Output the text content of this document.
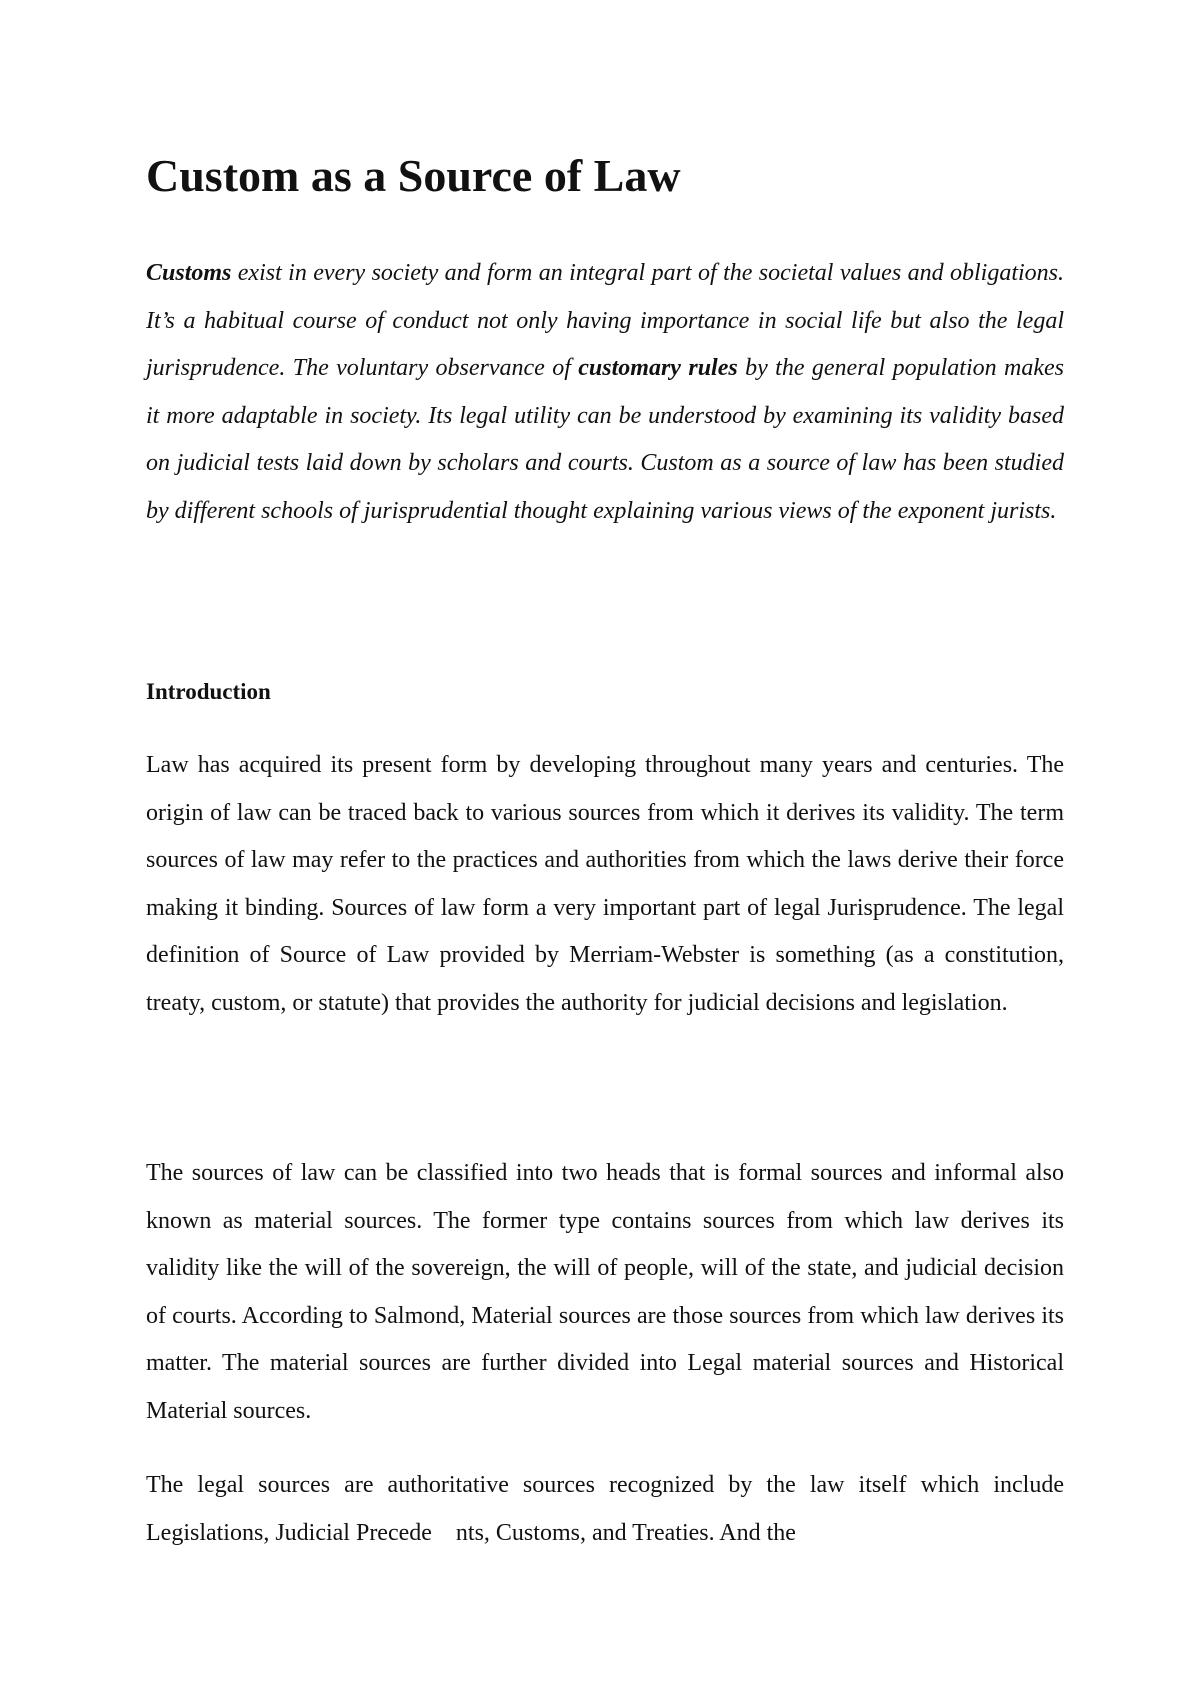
Custom as a Source of Law

Customs exist in every society and form an integral part of the societal values and obligations. It’s a habitual course of conduct not only having importance in social life but also the legal jurisprudence. The voluntary observance of customary rules by the general population makes it more adaptable in society. Its legal utility can be understood by examining its validity based on judicial tests laid down by scholars and courts. Custom as a source of law has been studied by different schools of jurisprudential thought explaining various views of the exponent jurists.

Introduction

Law has acquired its present form by developing throughout many years and centuries. The origin of law can be traced back to various sources from which it derives its validity. The term sources of law may refer to the practices and authorities from which the laws derive their force making it binding. Sources of law form a very important part of legal Jurisprudence. The legal definition of Source of Law provided by Merriam-Webster is something (as a constitution, treaty, custom, or statute) that provides the authority for judicial decisions and legislation.

The sources of law can be classified into two heads that is formal sources and informal also known as material sources. The former type contains sources from which law derives its validity like the will of the sovereign, the will of people, will of the state, and judicial decision of courts. According to Salmond, Material sources are those sources from which law derives its matter. The material sources are further divided into Legal material sources and Historical Material sources.

The legal sources are authoritative sources recognized by the law itself which include Legislations, Judicial Precede    nts, Customs, and Treaties. And the
